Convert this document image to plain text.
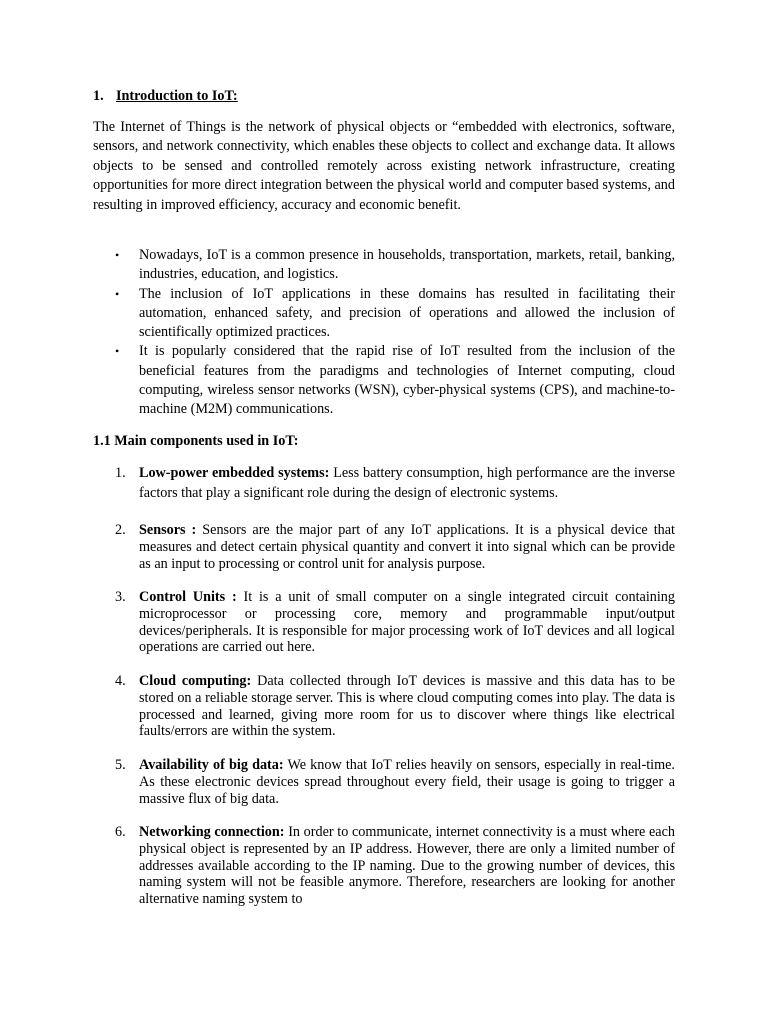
1. Introduction to IoT:

The Internet of Things is the network of physical objects or “embedded with electronics, software, sensors, and network connectivity, which enables these objects to collect and exchange data. It allows objects to be sensed and controlled remotely across existing network infrastructure, creating opportunities for more direct integration between the physical world and computer based systems, and resulting in improved efficiency, accuracy and economic benefit.

• Nowadays, IoT is a common presence in households, transportation, markets, retail, banking, industries, education, and logistics.
• The inclusion of IoT applications in these domains has resulted in facilitating their automation, enhanced safety, and precision of operations and allowed the inclusion of scientifically optimized practices.
• It is popularly considered that the rapid rise of IoT resulted from the inclusion of the beneficial features from the paradigms and technologies of Internet computing, cloud computing, wireless sensor networks (WSN), cyber-physical systems (CPS), and machine-to-machine (M2M) communications.
1.1 Main components used in IoT:
1. Low-power embedded systems: Less battery consumption, high performance are the inverse factors that play a significant role during the design of electronic systems.
2. Sensors : Sensors are the major part of any IoT applications. It is a physical device that measures and detect certain physical quantity and convert it into signal which can be provide as an input to processing or control unit for analysis purpose.
3. Control Units : It is a unit of small computer on a single integrated circuit containing microprocessor or processing core, memory and programmable input/output devices/peripherals. It is responsible for major processing work of IoT devices and all logical operations are carried out here.
4. Cloud computing: Data collected through IoT devices is massive and this data has to be stored on a reliable storage server. This is where cloud computing comes into play. The data is processed and learned, giving more room for us to discover where things like electrical faults/errors are within the system.
5. Availability of big data: We know that IoT relies heavily on sensors, especially in real-time. As these electronic devices spread throughout every field, their usage is going to trigger a massive flux of big data.
6. Networking connection: In order to communicate, internet connectivity is a must where each physical object is represented by an IP address. However, there are only a limited number of addresses available according to the IP naming. Due to the growing number of devices, this naming system will not be feasible anymore. Therefore, researchers are looking for another alternative naming system to
